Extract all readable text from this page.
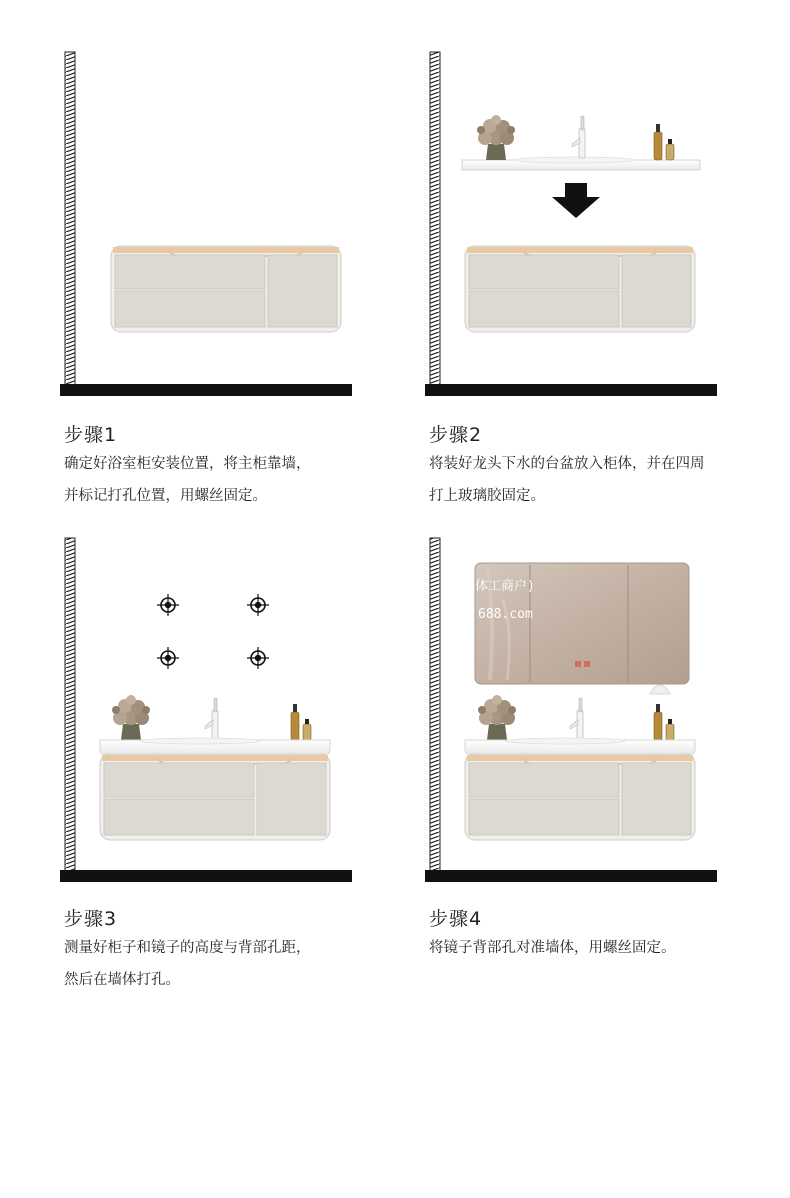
步骤1
确定好浴室柜安装位置，将主柜靠墙，
并标记打孔位置，用螺丝固定。
步骤2
将装好龙头下水的台盆放入柜体，并在四周
打上玻璃胶固定。
步骤3
测量好柜子和镜子的高度与背部孔距，
然后在墙体打孔。
体工商户)
688.com
步骤4
将镜子背部孔对准墙体，用螺丝固定。
